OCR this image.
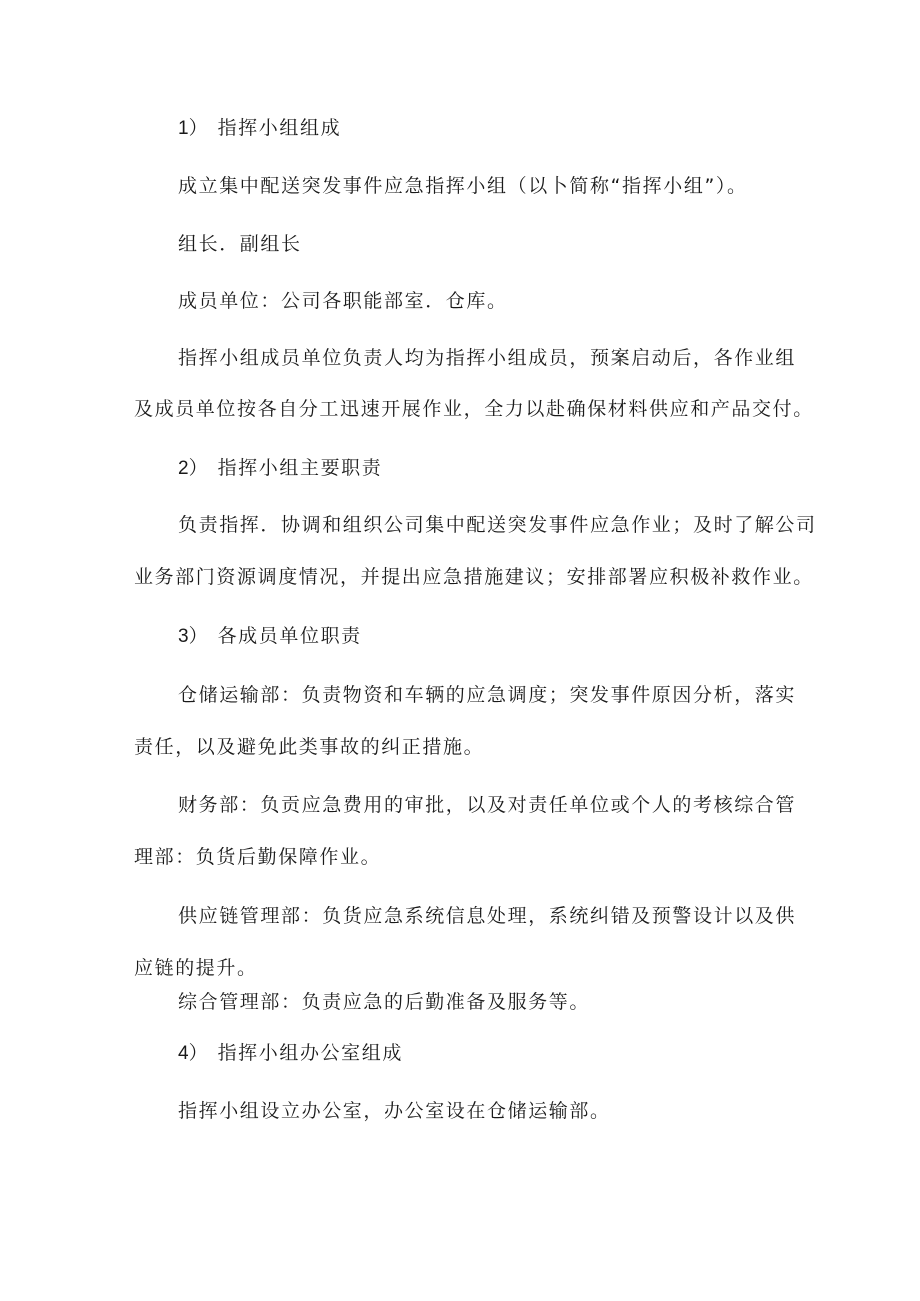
1） 指挥小组组成
成立集中配送突发事件应急指挥小组（以卜简称“指挥小组”）。
组长．副组长
成员单位：公司各职能部室．仓库。
指挥小组成员单位负责人均为指挥小组成员，预案启动后，各作业组
及成员单位按各自分工迅速开展作业，全力以赴确保材料供应和产品交付。
2） 指挥小组主要职责
负责指挥．协调和组织公司集中配送突发事件应急作业；及时了解公司
业务部门资源调度情况，并提出应急措施建议；安排部署应积极补救作业。
3） 各成员单位职责
仓储运输部：负责物资和车辆的应急调度；突发事件原因分析，落实
责任，以及避免此类事故的纠正措施。
财务部：负贡应急费用的审批，以及对责任单位或个人的考核综合管
理部：负货后勤保障作业。
供应链管理部：负货应急系统信息处理，系统纠错及预警设计以及供
应链的提升。
综合管理部：负责应急的后勤准备及服务等。
4） 指挥小组办公室组成
指挥小组设立办公室，办公室设在仓储运输部。
